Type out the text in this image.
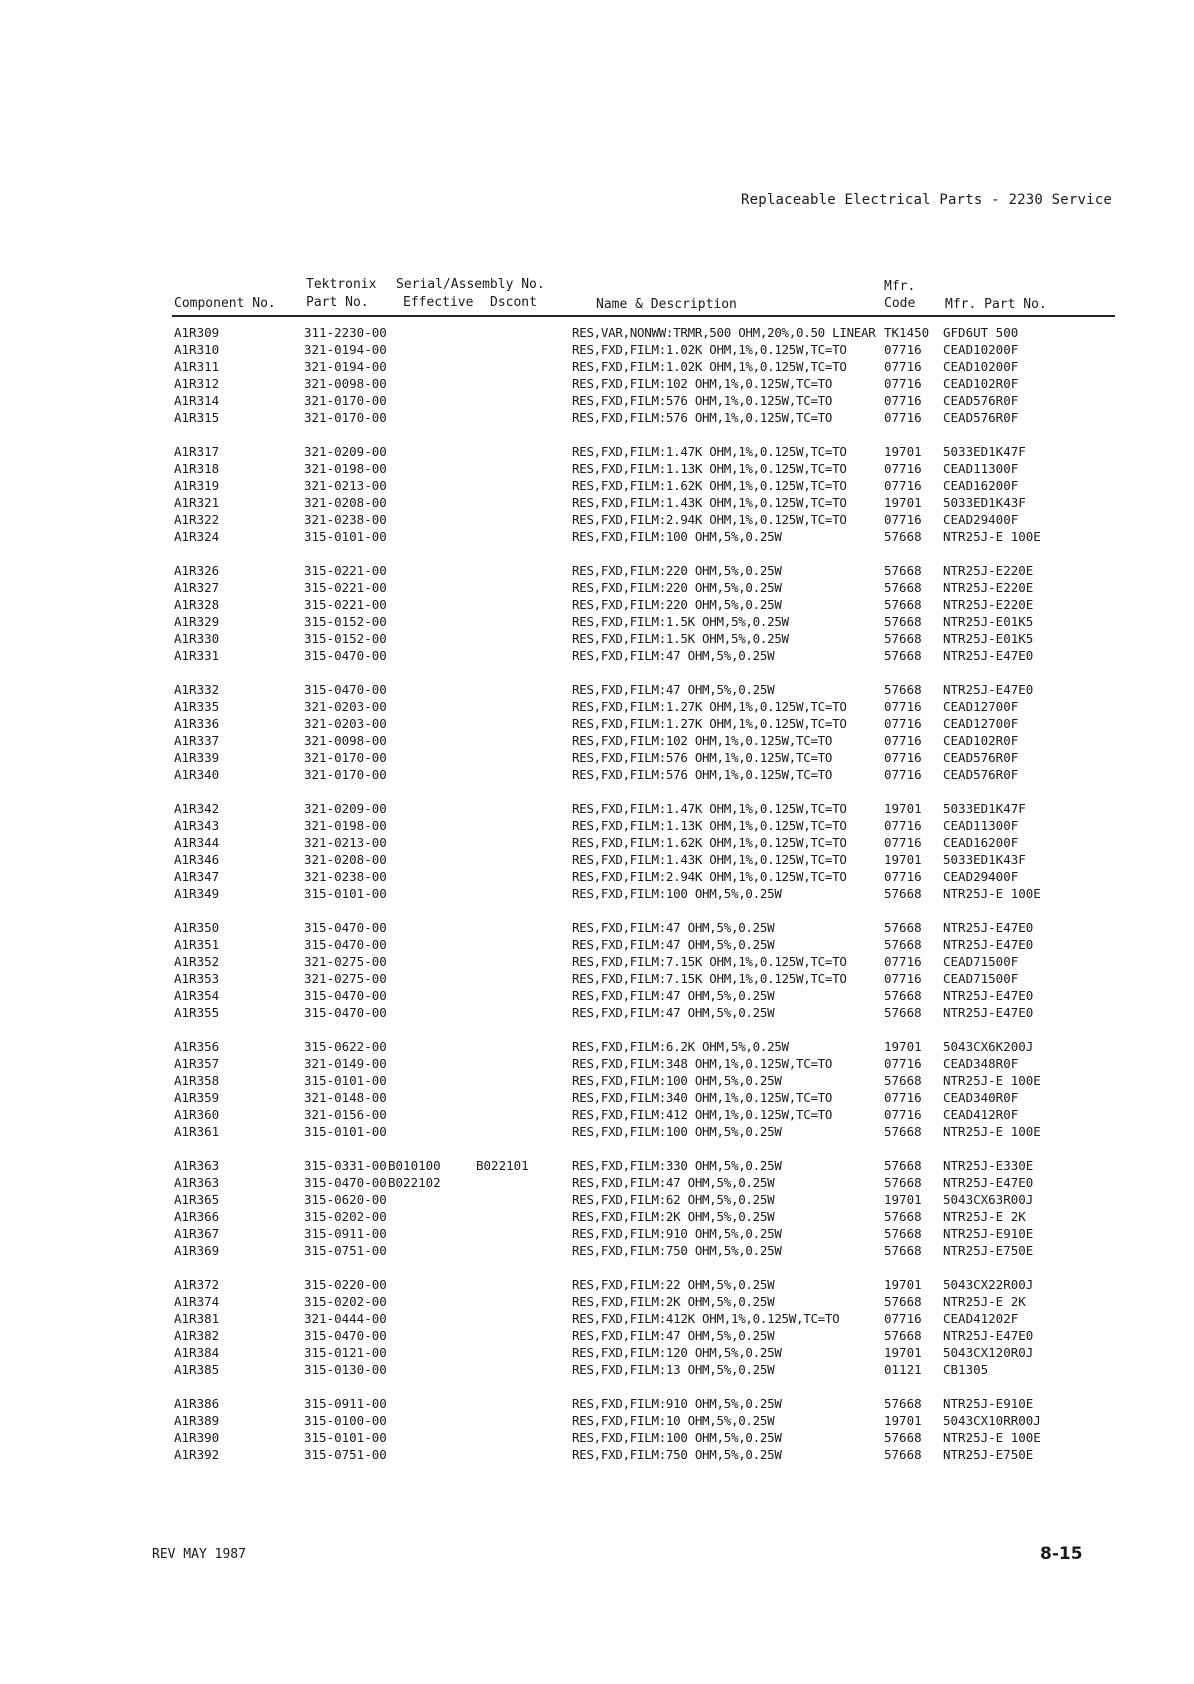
Replaceable Electrical Parts - 2230 Service
Tektronix Serial/Assembly No.	Mfr.
Component No. Part No.	Effective Dscont	Name & Description	Code Mfr. Part No.
A1R309	311-2230-00	RES,VAR,NONWW:TRMR,500 OHM,20%,0.50 LINEAR TK1450 GFD6UT 500
A1R310	321-0194-00	RES,FXD,FILM:1.02K OHM,1%,0.125W,TC=TO	07716 CEAD10200F
A1R311	321-0194-00	RES,FXD,FILM:1.02K OHM,1%,0.125W,TC=TO	07716 CEAD10200F
A1R312	321-0098-00	RES,FXD,FILM:102 OHM,1%,0.125W,TC=TO	07716 CEAD102R0F
A1R314	321-0170-00	RES,FXD,FILM:576 OHM,1%,0.125W,TC=TO	07716 CEAD576R0F
A1R315	321-0170-00	RES,FXD,FILM:576 OHM,1%,0.125W,TC=TO	07716 CEAD576R0F
A1R317	321-0209-00	RES,FXD,FILM:1.47K OHM,1%,0.125W,TC=TO	19701 5033ED1K47F
A1R318	321-0198-00	RES,FXD,FILM:1.13K OHM,1%,0.125W,TC=TO	07716 CEAD11300F
A1R319	321-0213-00	RES,FXD,FILM:1.62K OHM,1%,0.125W,TC=TO	07716 CEAD16200F
A1R321	321-0208-00	RES,FXD,FILM:1.43K OHM,1%,0.125W,TC=TO	19701 5033ED1K43F
A1R322	321-0238-00	RES,FXD,FILM:2.94K OHM,1%,0.125W,TC=TO	07716 CEAD29400F
A1R324	315-0101-00	RES,FXD,FILM:100 OHM,5%,0.25W	57668 NTR25J-E 100E
A1R326	315-0221-00	RES,FXD,FILM:220 OHM,5%,0.25W	57668 NTR25J-E220E
A1R327	315-0221-00	RES,FXD,FILM:220 OHM,5%,0.25W	57668 NTR25J-E220E
A1R328	315-0221-00	RES,FXD,FILM:220 OHM,5%,0.25W	57668 NTR25J-E220E
A1R329	315-0152-00	RES,FXD,FILM:1.5K OHM,5%,0.25W	57668 NTR25J-E01K5
A1R330	315-0152-00	RES,FXD,FILM:1.5K OHM,5%,0.25W	57668 NTR25J-E01K5
A1R331	315-0470-00	RES,FXD,FILM:47 OHM,5%,0.25W	57668 NTR25J-E47E0
A1R332	315-0470-00	RES,FXD,FILM:47 OHM,5%,0.25W	57668 NTR25J-E47E0
A1R335	321-0203-00	RES,FXD,FILM:1.27K OHM,1%,0.125W,TC=TO	07716 CEAD12700F
A1R336	321-0203-00	RES,FXD,FILM:1.27K OHM,1%,0.125W,TC=TO	07716 CEAD12700F
A1R337	321-0098-00	RES,FXD,FILM:102 OHM,1%,0.125W,TC=TO	07716 CEAD102R0F
A1R339	321-0170-00	RES,FXD,FILM:576 OHM,1%,0.125W,TC=TO	07716 CEAD576R0F
A1R340	321-0170-00	RES,FXD,FILM:576 OHM,1%,0.125W,TC=TO	07716 CEAD576R0F
A1R342	321-0209-00	RES,FXD,FILM:1.47K OHM,1%,0.125W,TC=TO	19701 5033ED1K47F
A1R343	321-0198-00	RES,FXD,FILM:1.13K OHM,1%,0.125W,TC=TO	07716 CEAD11300F
A1R344	321-0213-00	RES,FXD,FILM:1.62K OHM,1%,0.125W,TC=TO	07716 CEAD16200F
A1R346	321-0208-00	RES,FXD,FILM:1.43K OHM,1%,0.125W,TC=TO	19701 5033ED1K43F
A1R347	321-0238-00	RES,FXD,FILM:2.94K OHM,1%,0.125W,TC=TO	07716 CEAD29400F
A1R349	315-0101-00	RES,FXD,FILM:100 OHM,5%,0.25W	57668 NTR25J-E 100E
A1R350	315-0470-00	RES,FXD,FILM:47 OHM,5%,0.25W	57668 NTR25J-E47E0
A1R351	315-0470-00	RES,FXD,FILM:47 OHM,5%,0.25W	57668 NTR25J-E47E0
A1R352	321-0275-00	RES,FXD,FILM:7.15K OHM,1%,0.125W,TC=TO	07716 CEAD71500F
A1R353	321-0275-00	RES,FXD,FILM:7.15K OHM,1%,0.125W,TC=TO	07716 CEAD71500F
A1R354	315-0470-00	RES,FXD,FILM:47 OHM,5%,0.25W	57668 NTR25J-E47E0
A1R355	315-0470-00	RES,FXD,FILM:47 OHM,5%,0.25W	57668 NTR25J-E47E0
A1R356	315-0622-00	RES,FXD,FILM:6.2K OHM,5%,0.25W	19701 5043CX6K200J
A1R357	321-0149-00	RES,FXD,FILM:348 OHM,1%,0.125W,TC=TO	07716 CEAD348R0F
A1R358	315-0101-00	RES,FXD,FILM:100 OHM,5%,0.25W	57668 NTR25J-E 100E
A1R359	321-0148-00	RES,FXD,FILM:340 OHM,1%,0.125W,TC=TO	07716 CEAD340R0F
A1R360	321-0156-00	RES,FXD,FILM:412 OHM,1%,0.125W,TC=TO	07716 CEAD412R0F
A1R361	315-0101-00	RES,FXD,FILM:100 OHM,5%,0.25W	57668 NTR25J-E 100E
A1R363	315-0331-00 B010100	B022101	RES,FXD,FILM:330 OHM,5%,0.25W	57668 NTR25J-E330E
A1R363	315-0470-00 B022102	RES,FXD,FILM:47 OHM,5%,0.25W	57668 NTR25J-E47E0
A1R365	315-0620-00	RES,FXD,FILM:62 OHM,5%,0.25W	19701 5043CX63R00J
A1R366	315-0202-00	RES,FXD,FILM:2K OHM,5%,0.25W	57668 NTR25J-E 2K
A1R367	315-0911-00	RES,FXD,FILM:910 OHM,5%,0.25W	57668 NTR25J-E910E
A1R369	315-0751-00	RES,FXD,FILM:750 OHM,5%,0.25W	57668 NTR25J-E750E
A1R372	315-0220-00	RES,FXD,FILM:22 OHM,5%,0.25W	19701 5043CX22R00J
A1R374	315-0202-00	RES,FXD,FILM:2K OHM,5%,0.25W	57668 NTR25J-E 2K
A1R381	321-0444-00	RES,FXD,FILM:412K OHM,1%,0.125W,TC=TO	07716 CEAD41202F
A1R382	315-0470-00	RES,FXD,FILM:47 OHM,5%,0.25W	57668 NTR25J-E47E0
A1R384	315-0121-00	RES,FXD,FILM:120 OHM,5%,0.25W	19701 5043CX120R0J
A1R385	315-0130-00	RES,FXD,FILM:13 OHM,5%,0.25W	01121 CB1305
A1R386	315-0911-00	RES,FXD,FILM:910 OHM,5%,0.25W	57668 NTR25J-E910E
A1R389	315-0100-00	RES,FXD,FILM:10 OHM,5%,0.25W	19701 5043CX10RR00J
A1R390	315-0101-00	RES,FXD,FILM:100 OHM,5%,0.25W	57668 NTR25J-E 100E
A1R392	315-0751-00	RES,FXD,FILM:750 OHM,5%,0.25W	57668 NTR25J-E750E
REV MAY 1987	8-15
